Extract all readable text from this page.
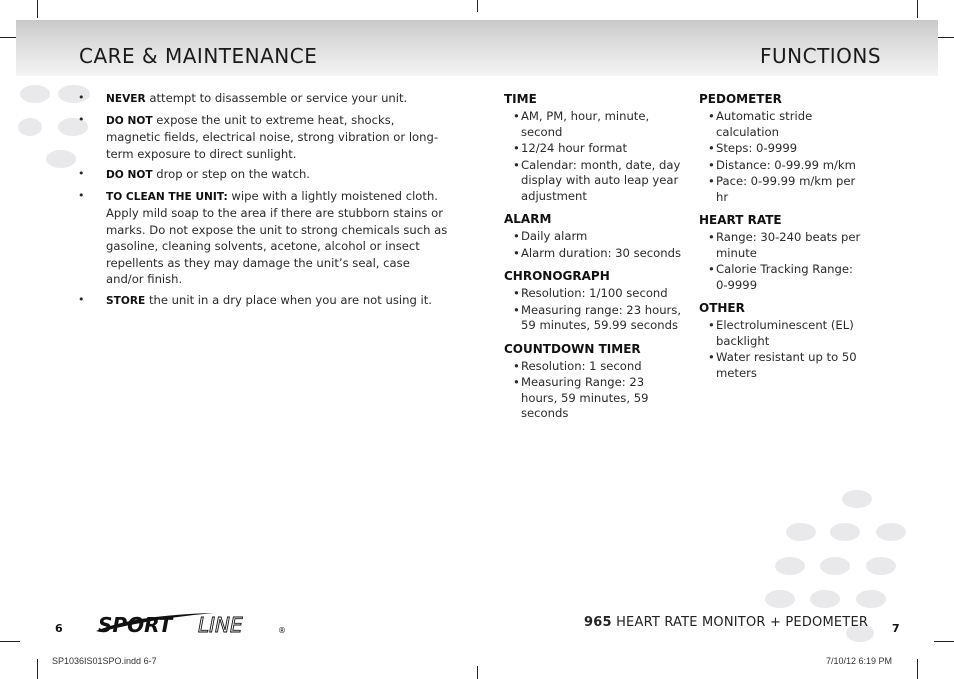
CARE & MAINTENANCE	FUNCTIONS
• NEVER attempt to disassemble or service your unit.
• DO NOT expose the unit to extreme heat, shocks, magnetic fields, electrical noise, strong vibration or long-term exposure to direct sunlight.
• DO NOT drop or step on the watch.
• TO CLEAN THE UNIT: wipe with a lightly moistened cloth. Apply mild soap to the area if there are stubborn stains or marks. Do not expose the unit to strong chemicals such as gasoline, cleaning solvents, acetone, alcohol or insect repellents as they may damage the unit’s seal, case and/or finish.
• STORE the unit in a dry place when you are not using it.
TIME
• AM, PM, hour, minute, second
• 12/24 hour format
• Calendar: month, date, day display with auto leap year adjustment
ALARM
• Daily alarm
• Alarm duration: 30 seconds
CHRONOGRAPH
• Resolution: 1/100 second
• Measuring range: 23 hours, 59 minutes, 59.99 seconds
COUNTDOWN TIMER
• Resolution: 1 second
• Measuring Range: 23 hours, 59 minutes, 59 seconds
PEDOMETER
• Automatic stride calculation
• Steps: 0-9999
• Distance: 0-99.99 m/km
• Pace: 0-99.99 m/km per hr
HEART RATE
• Range: 30-240 beats per minute
• Calorie Tracking Range: 0-9999
OTHER
• Electroluminescent (EL) backlight
• Water resistant up to 50 meters
6	7
SPORT LINE	®
965 HEART RATE MONITOR + PEDOMETER
SP1036IS01SPO.indd 6-7	7/10/12 6:19 PM
